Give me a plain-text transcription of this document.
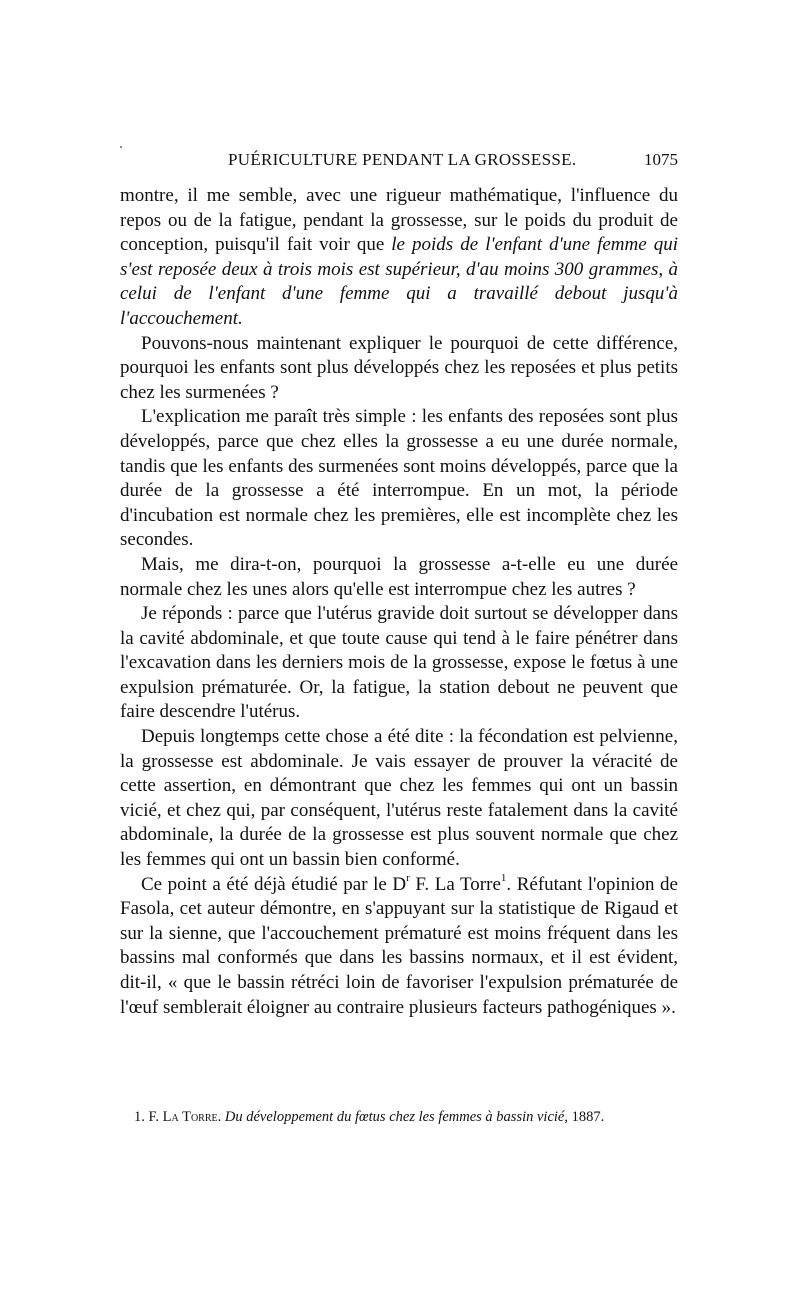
PUÉRICULTURE PENDANT LA GROSSESSE.	1075

montre, il me semble, avec une rigueur mathématique, l'influence du repos ou de la fatigue, pendant la grossesse, sur le poids du produit de conception, puisqu'il fait voir que le poids de l'enfant d'une femme qui s'est reposée deux à trois mois est supérieur, d'au moins 300 grammes, à celui de l'enfant d'une femme qui a travaillé debout jusqu'à l'accouchement.

Pouvons-nous maintenant expliquer le pourquoi de cette différence, pourquoi les enfants sont plus développés chez les reposées et plus petits chez les surmenées ?

L'explication me paraît très simple : les enfants des reposées sont plus développés, parce que chez elles la grossesse a eu une durée normale, tandis que les enfants des surmenées sont moins développés, parce que la durée de la grossesse a été interrompue. En un mot, la période d'incubation est normale chez les premières, elle est incomplète chez les secondes.

Mais, me dira-t-on, pourquoi la grossesse a-t-elle eu une durée normale chez les unes alors qu'elle est interrompue chez les autres ?

Je réponds : parce que l'utérus gravide doit surtout se développer dans la cavité abdominale, et que toute cause qui tend à le faire pénétrer dans l'excavation dans les derniers mois de la grossesse, expose le fœtus à une expulsion prématurée. Or, la fatigue, la station debout ne peuvent que faire descendre l'utérus.

Depuis longtemps cette chose a été dite : la fécondation est pelvienne, la grossesse est abdominale. Je vais essayer de prouver la véracité de cette assertion, en démontrant que chez les femmes qui ont un bassin vicié, et chez qui, par conséquent, l'utérus reste fatalement dans la cavité abdominale, la durée de la grossesse est plus souvent normale que chez les femmes qui ont un bassin bien conformé.

Ce point a été déjà étudié par le $D^r$ F. La Torre$^1$. Réfutant l'opinion de Fasola, cet auteur démontre, en s'appuyant sur la statistique de Rigaud et sur la sienne, que l'accouchement prématuré est moins fréquent dans les bassins mal conformés que dans les bassins normaux, et il est évident, dit-il, « que le bassin rétréci loin de favoriser l'expulsion prématurée de l'œuf semblerait éloigner au contraire plusieurs facteurs pathogéniques ».

1. F. La Torre. Du développement du fœtus chez les femmes à bassin vicié, 1887.
